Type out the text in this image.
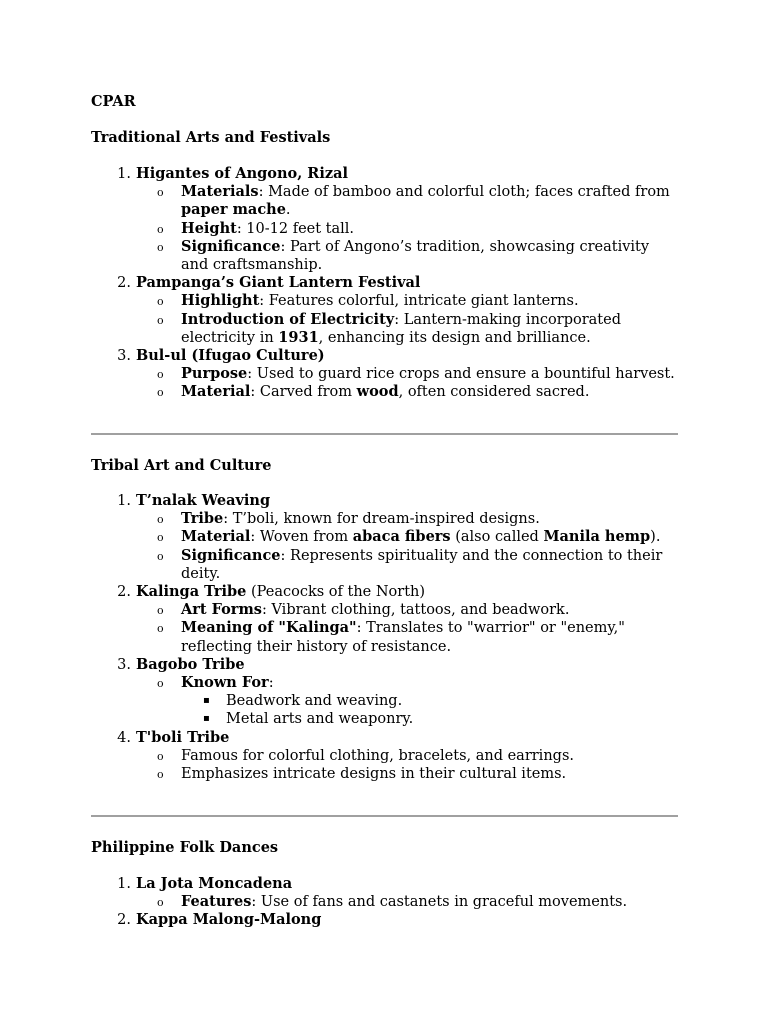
CPAR
Traditional Arts and Festivals
1. Higantes of Angono, Rizal
o Materials: Made of bamboo and colorful cloth; faces crafted from paper mache.
o Height: 10-12 feet tall.
o Significance: Part of Angono’s tradition, showcasing creativity and craftsmanship.
2. Pampanga’s Giant Lantern Festival
o Highlight: Features colorful, intricate giant lanterns.
o Introduction of Electricity: Lantern-making incorporated electricity in 1931, enhancing its design and brilliance.
3. Bul-ul (Ifugao Culture)
o Purpose: Used to guard rice crops and ensure a bountiful harvest.
o Material: Carved from wood, often considered sacred.
Tribal Art and Culture
1. T’nalak Weaving
o Tribe: T’boli, known for dream-inspired designs.
o Material: Woven from abaca fibers (also called Manila hemp).
o Significance: Represents spirituality and the connection to their deity.
2. Kalinga Tribe (Peacocks of the North)
o Art Forms: Vibrant clothing, tattoos, and beadwork.
o Meaning of "Kalinga": Translates to "warrior" or "enemy," reflecting their history of resistance.
3. Bagobo Tribe
o Known For:
▪ Beadwork and weaving.
▪ Metal arts and weaponry.
4. T'boli Tribe
o Famous for colorful clothing, bracelets, and earrings.
o Emphasizes intricate designs in their cultural items.
Philippine Folk Dances
1. La Jota Moncadena
o Features: Use of fans and castanets in graceful movements.
2. Kappa Malong-Malong
